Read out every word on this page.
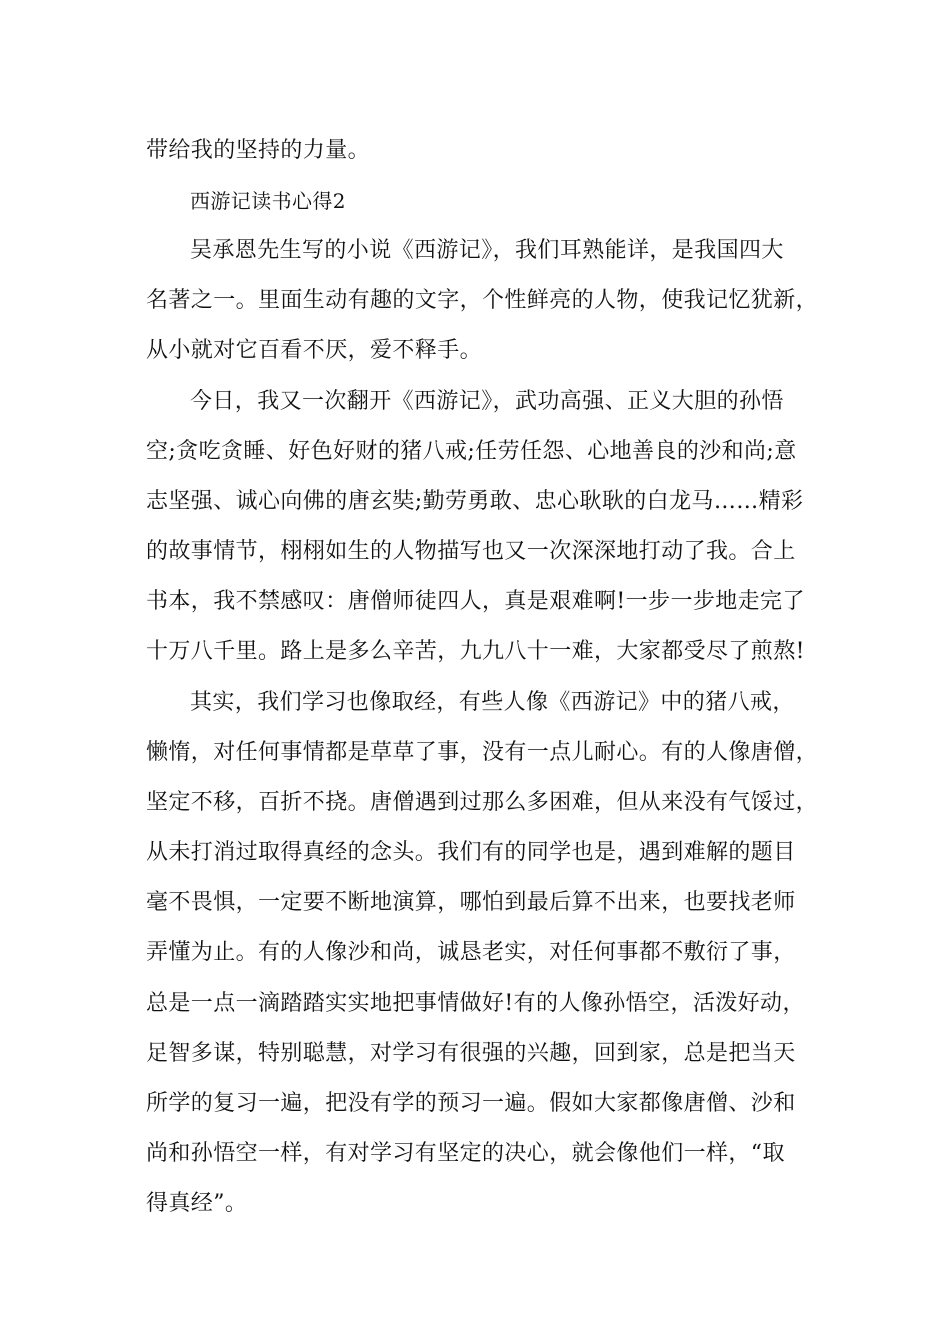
带给我的坚持的力量。
西游记读书心得2
吴承恩先生写的小说《西游记》，我们耳熟能详，是我国四大
名著之一。里面生动有趣的文字，个性鲜亮的人物，使我记忆犹新，
从小就对它百看不厌，爱不释手。
今日，我又一次翻开《西游记》，武功高强、正义大胆的孙悟
空;贪吃贪睡、好色好财的猪八戒;任劳任怨、心地善良的沙和尚;意
志坚强、诚心向佛的唐玄奘;勤劳勇敢、忠心耿耿的白龙马……精彩
的故事情节，栩栩如生的人物描写也又一次深深地打动了我。合上
书本，我不禁感叹：唐僧师徒四人，真是艰难啊!一步一步地走完了
十万八千里。路上是多么辛苦，九九八十一难，大家都受尽了煎熬!
其实，我们学习也像取经，有些人像《西游记》中的猪八戒，
懒惰，对任何事情都是草草了事，没有一点儿耐心。有的人像唐僧，
坚定不移，百折不挠。唐僧遇到过那么多困难，但从来没有气馁过，
从未打消过取得真经的念头。我们有的同学也是，遇到难解的题目
毫不畏惧，一定要不断地演算，哪怕到最后算不出来，也要找老师
弄懂为止。有的人像沙和尚，诚恳老实，对任何事都不敷衍了事，
总是一点一滴踏踏实实地把事情做好!有的人像孙悟空，活泼好动，
足智多谋，特别聪慧，对学习有很强的兴趣，回到家，总是把当天
所学的复习一遍，把没有学的预习一遍。假如大家都像唐僧、沙和
尚和孙悟空一样，有对学习有坚定的决心，就会像他们一样，“取
得真经”。
